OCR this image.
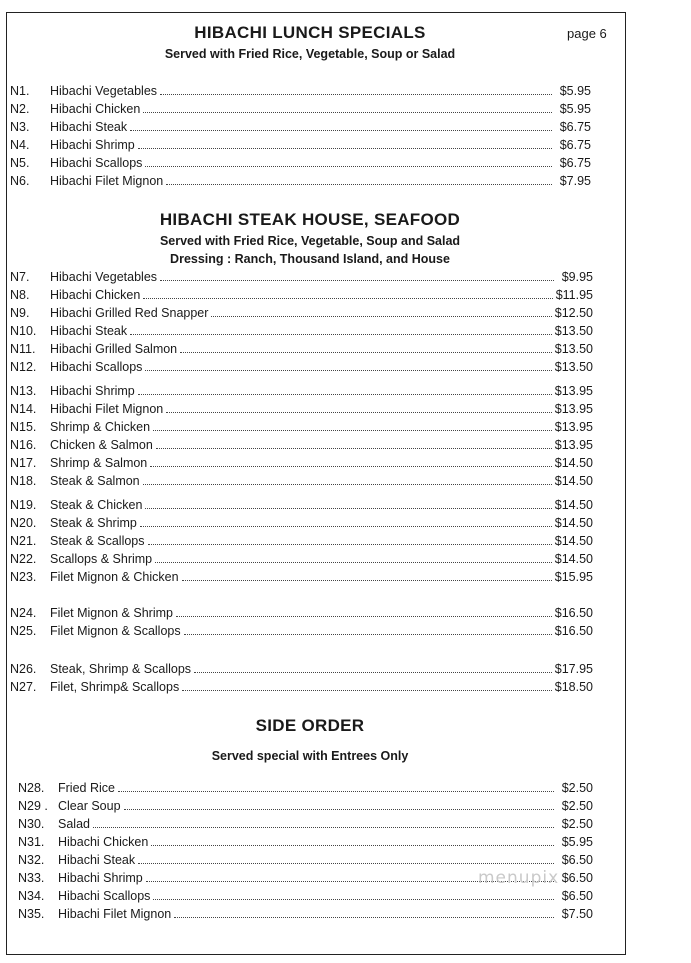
page 6
HIBACHI LUNCH SPECIALS
Served with Fried Rice, Vegetable, Soup or Salad
N1.	Hibachi Vegetables	$5.95
N2.	Hibachi Chicken	$5.95
N3.	Hibachi Steak	$6.75
N4.	Hibachi Shrimp	$6.75
N5.	Hibachi Scallops	$6.75
N6.	Hibachi Filet Mignon	$7.95
HIBACHI STEAK HOUSE, SEAFOOD
Served with Fried Rice, Vegetable, Soup and Salad
Dressing : Ranch, Thousand Island, and House
N7.	Hibachi Vegetables	$9.95
N8.	Hibachi Chicken	$11.95
N9.	Hibachi Grilled Red Snapper	$12.50
N10.	Hibachi Steak	$13.50
N11.	Hibachi Grilled Salmon	$13.50
N12.	Hibachi Scallops	$13.50
N13.	Hibachi Shrimp	$13.95
N14.	Hibachi Filet Mignon	$13.95
N15.	Shrimp & Chicken	$13.95
N16.	Chicken & Salmon	$13.95
N17.	Shrimp & Salmon	$14.50
N18.	Steak & Salmon	$14.50
N19.	Steak & Chicken	$14.50
N20.	Steak & Shrimp	$14.50
N21.	Steak & Scallops	$14.50
N22.	Scallops & Shrimp	$14.50
N23.	Filet Mignon & Chicken	$15.95
N24.	Filet Mignon & Shrimp	$16.50
N25.	Filet Mignon & Scallops	$16.50
N26.	Steak, Shrimp & Scallops	$17.95
N27.	Filet, Shrimp& Scallops	$18.50
SIDE ORDER
Served special with Entrees Only
N28.	Fried Rice	$2.50
N29 . Clear Soup	$2.50
N30.	Salad	$2.50
N31.	Hibachi Chicken	$5.95
N32.	Hibachi Steak	$6.50
N33.	Hibachi Shrimp	$6.50
N34.	Hibachi Scallops	$6.50
N35.	Hibachi Filet Mignon	$7.50
menupix
